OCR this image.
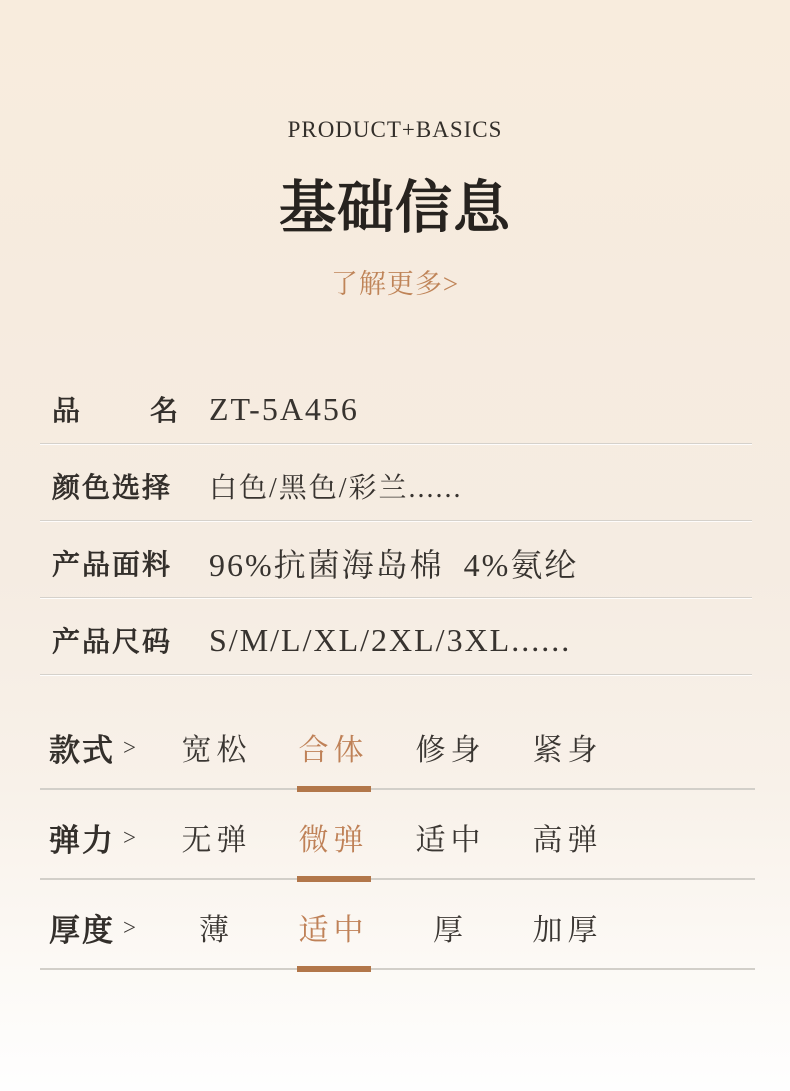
PRODUCT+BASICS
基础信息
了解更多>
品 名 ZT-5A456
颜色选择 白色/黑色/彩兰......
产品面料 96%抗菌海岛棉  4%氨纶
产品尺码 S/M/L/XL/2XL/3XL......
款式 >	宽松	合体	修身	紧身
弹力 >	无弹	微弹	适中	高弹
厚度 >	薄	适中	厚	加厚
